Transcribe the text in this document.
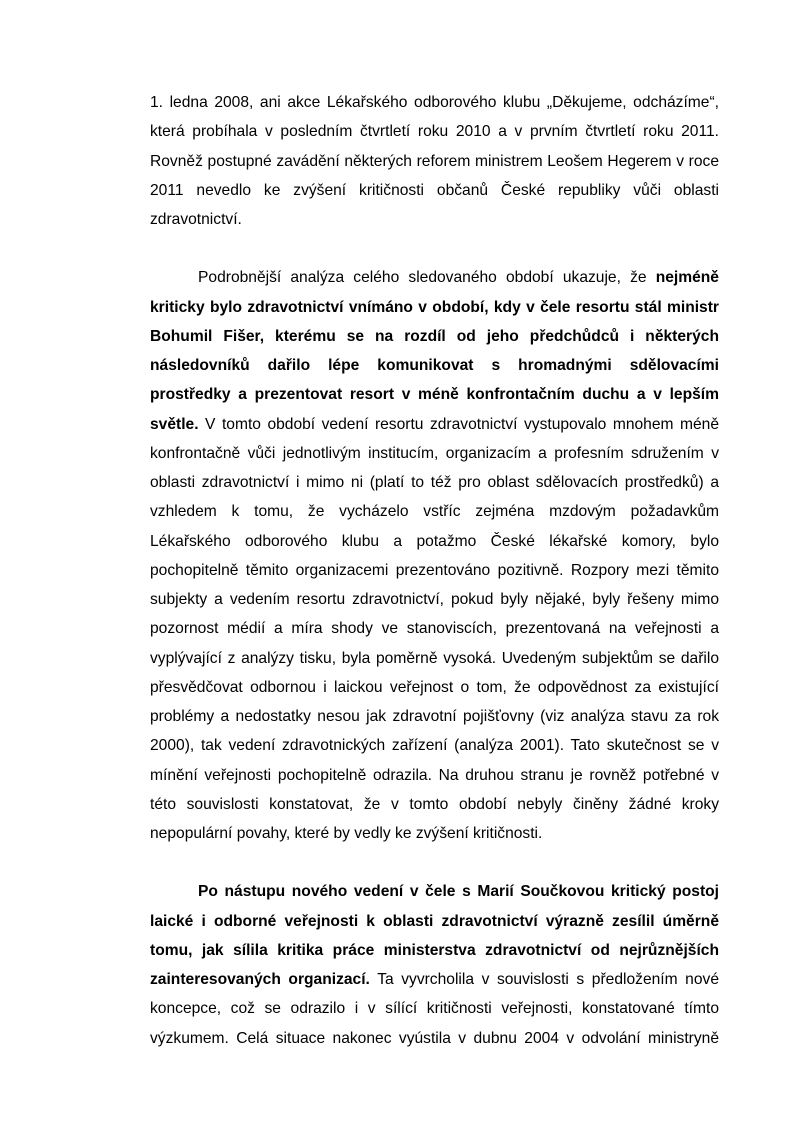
1. ledna 2008, ani akce Lékařského odborového klubu „Děkujeme, odcházíme“, která probíhala v posledním čtvrtletí roku 2010 a v prvním čtvrtletí roku 2011. Rovněž postupné zavádění některých reforem ministrem Leošem Hegerem v roce 2011 nevedlo ke zvýšení kritičnosti občanů České republiky vůči oblasti zdravotnictví.

Podrobnější analýza celého sledovaného období ukazuje, že nejméně kriticky bylo zdravotnictví vnímáno v období, kdy v čele resortu stál ministr Bohumil Fišer, kterému se na rozdíl od jeho předchůdců i některých následovníků dařilo lépe komunikovat s hromadnými sdělovacími prostředky a prezentovat resort v méně konfrontačním duchu a v lepším světle. V tomto období vedení resortu zdravotnictví vystupovalo mnohem méně konfrontačně vůči jednotlivým institucím, organizacím a profesním sdružením v oblasti zdravotnictví i mimo ni (platí to též pro oblast sdělovacích prostředků) a vzhledem k tomu, že vycházelo vstříc zejména mzdovým požadavkům Lékařského odborového klubu a potažmo České lékařské komory, bylo pochopitelně těmito organizacemi prezentováno pozitivně. Rozpory mezi těmito subjekty a vedením resortu zdravotnictví, pokud byly nějaké, byly řešeny mimo pozornost médií a míra shody ve stanoviscích, prezentovaná na veřejnosti a vyplývající z analýzy tisku, byla poměrně vysoká. Uvedeným subjektům se dařilo přesvědčovat odbornou i laickou veřejnost o tom, že odpovědnost za existující problémy a nedostatky nesou jak zdravotní pojišťovny (viz analýza stavu za rok 2000), tak vedení zdravotnických zařízení (analýza 2001). Tato skutečnost se v mínění veřejnosti pochopitelně odrazila. Na druhou stranu je rovněž potřebné v této souvislosti konstatovat, že v tomto období nebyly činěny žádné kroky nepopulární povahy, které by vedly ke zvýšení kritičnosti.

Po nástupu nového vedení v čele s Marií Součkovou kritický postoj laické i odborné veřejnosti k oblasti zdravotnictví výrazně zesílil úměrně tomu, jak sílila kritika práce ministerstva zdravotnictví od nejrůznějších zainteresovaných organizací. Ta vyvrcholila v souvislosti s předložením nové koncepce, což se odrazilo i v sílící kritičnosti veřejnosti, konstatované tímto výzkumem. Celá situace nakonec vyústila v dubnu 2004 v odvolání ministryně
